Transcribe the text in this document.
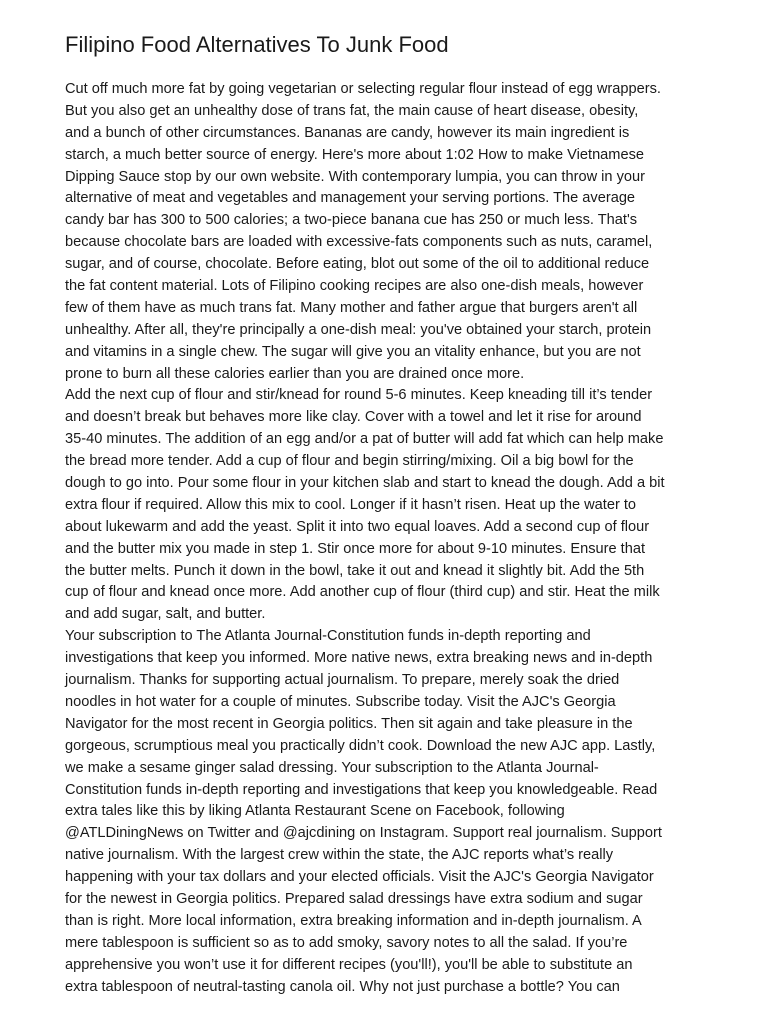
Filipino Food Alternatives To Junk Food

Cut off much more fat by going vegetarian or selecting regular flour instead of egg wrappers.
But you also get an unhealthy dose of trans fat, the main cause of heart disease, obesity,
and a bunch of other circumstances. Bananas are candy, however its main ingredient is
starch, a much better source of energy. Here's more about 1:02 How to make Vietnamese
Dipping Sauce stop by our own website. With contemporary lumpia, you can throw in your
alternative of meat and vegetables and management your serving portions. The average
candy bar has 300 to 500 calories; a two-piece banana cue has 250 or much less. That's
because chocolate bars are loaded with excessive-fats components such as nuts, caramel,
sugar, and of course, chocolate. Before eating, blot out some of the oil to additional reduce
the fat content material. Lots of Filipino cooking recipes are also one-dish meals, however
few of them have as much trans fat. Many mother and father argue that burgers aren't all
unhealthy. After all, they're principally a one-dish meal: you've obtained your starch, protein
and vitamins in a single chew. The sugar will give you an vitality enhance, but you are not
prone to burn all these calories earlier than you are drained once more.

Add the next cup of flour and stir/knead for round 5-6 minutes. Keep kneading till it’s tender
and doesn’t break but behaves more like clay. Cover with a towel and let it rise for around
35-40 minutes. The addition of an egg and/or a pat of butter will add fat which can help make
the bread more tender. Add a cup of flour and begin stirring/mixing. Oil a big bowl for the
dough to go into. Pour some flour in your kitchen slab and start to knead the dough. Add a bit
extra flour if required. Allow this mix to cool. Longer if it hasn’t risen. Heat up the water to
about lukewarm and add the yeast. Split it into two equal loaves. Add a second cup of flour
and the butter mix you made in step 1. Stir once more for about 9-10 minutes. Ensure that
the butter melts. Punch it down in the bowl, take it out and knead it slightly bit. Add the 5th
cup of flour and knead once more. Add another cup of flour (third cup) and stir. Heat the milk
and add sugar, salt, and butter.

Your subscription to The Atlanta Journal-Constitution funds in-depth reporting and
investigations that keep you informed. More native news, extra breaking news and in-depth
journalism. Thanks for supporting actual journalism. To prepare, merely soak the dried
noodles in hot water for a couple of minutes. Subscribe today. Visit the AJC's Georgia
Navigator for the most recent in Georgia politics. Then sit again and take pleasure in the
gorgeous, scrumptious meal you practically didn’t cook. Download the new AJC app. Lastly,
we make a sesame ginger salad dressing. Your subscription to the Atlanta Journal-
Constitution funds in-depth reporting and investigations that keep you knowledgeable. Read
extra tales like this by liking Atlanta Restaurant Scene on Facebook, following
@ATLDiningNews on Twitter and @ajcdining on Instagram. Support real journalism. Support
native journalism. With the largest crew within the state, the AJC reports what’s really
happening with your tax dollars and your elected officials. Visit the AJC's Georgia Navigator
for the newest in Georgia politics. Prepared salad dressings have extra sodium and sugar
than is right. More local information, extra breaking information and in-depth journalism. A
mere tablespoon is sufficient so as to add smoky, savory notes to all the salad. If you’re
apprehensive you won’t use it for different recipes (you'll!), you'll be able to substitute an
extra tablespoon of neutral-tasting canola oil. Why not just purchase a bottle? You can
